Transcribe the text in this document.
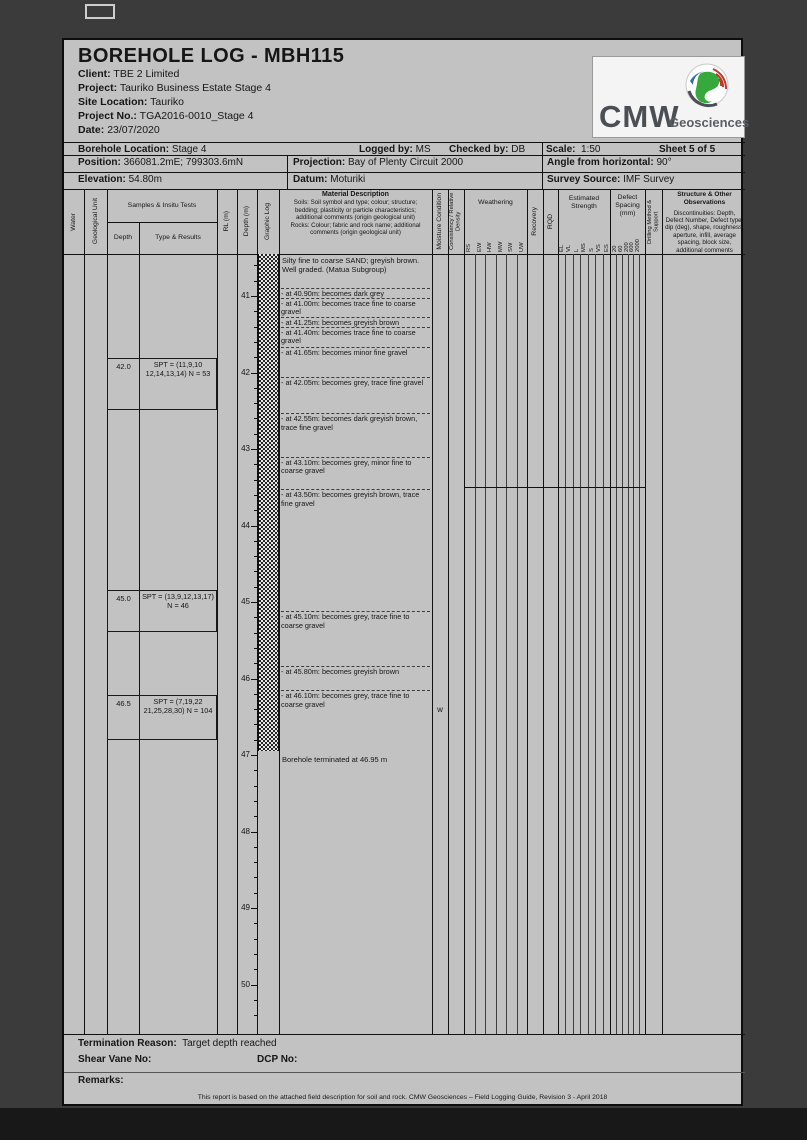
BOREHOLE LOG - MBH115
Client: TBE 2 Limited
Project: Tauriko Business Estate Stage 4
Site Location: Tauriko
Project No.: TGA2016-0010_Stage 4
Date: 23/07/2020	CMW
Geosciences
Borehole Location: Stage 4	Logged by: MS Checked by: DB Scale: 1:50	Sheet 5 of 5
Position: 366081.2mE; 799303.6mN	Projection: Bay of Plenty Circuit 2000	Angle from horizontal: 90°
Elevation: 54.80m	Datum: Moturiki	Survey Source: IMF Survey
Water Geological Unit	Samples & Insitu Tests
Depth	Type & Results
RL (m) Depth (m) Graphic Log
Material Description
Soils: Soil symbol and type; colour; structure; bedding; plasticity or particle characteristics; additional comments (origin geological unit)
Rocks: Colour; fabric and rock name; additional comments (origin geological unit)	Moisture Condition Consistency / Relative Density
Weathering
Recovery RQD
Estimated Strength
Defect Spacing (mm)	Drilling Method & Support
Structure & Other Observations
Discontinuities: Depth, Defect Number, Defect type, dip (deg), shape, roughness, aperture, infill, average spacing, block size, additional comments
RS EW HW MW SW UW	EL VL L MS S VS ES 20 60 200 600 2000
41
42
43
44
45
46
47
48
49
50
Silty fine to coarse SAND; greyish brown. Well graded. (Matua Subgroup)
- at 40.90m: becomes dark grey
- at 41.00m: becomes trace fine to coarse gravel
- at 41.25m: becomes greyish brown
- at 41.40m: becomes trace fine to coarse gravel
- at 41.65m: becomes minor fine gravel
- at 42.05m: becomes grey, trace fine gravel
- at 42.55m: becomes dark greyish brown, trace fine gravel
- at 43.10m: becomes grey, minor fine to coarse gravel
- at 43.50m: becomes greyish brown, trace fine gravel
- at 45.10m: becomes grey, trace fine to coarse gravel
- at 45.80m: becomes greyish brown
- at 46.10m: becomes grey, trace fine to coarse gravel
Borehole terminated at 46.95 m
42.0	SPT = (11,9,10 12,14,13,14) N = 53
45.0	SPT = (13,9,12,13,17) N = 46
46.5	SPT = (7,19,22 21,25,28,30) N = 104	w
Termination Reason: Target depth reached
Shear Vane No:	DCP No:
Remarks:
This report is based on the attached field description for soil and rock. CMW Geosciences – Field Logging Guide, Revision 3 - April 2018
